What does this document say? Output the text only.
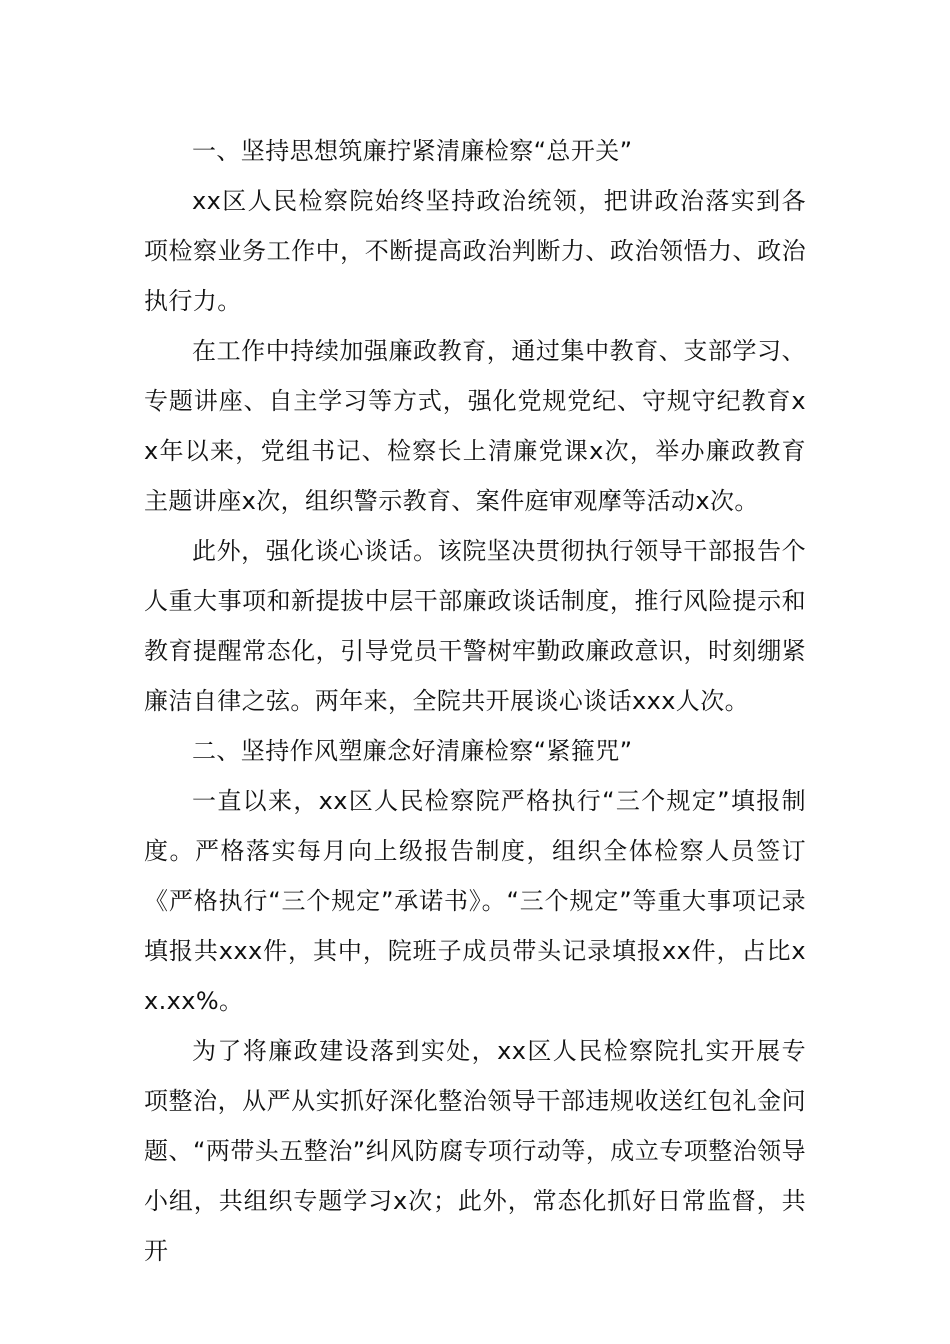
一、坚持思想筑廉拧紧清廉检察“总开关”

xx区人民检察院始终坚持政治统领，把讲政治落实到各项检察业务工作中，不断提高政治判断力、政治领悟力、政治执行力。

在工作中持续加强廉政教育，通过集中教育、支部学习、专题讲座、自主学习等方式，强化党规党纪、守规守纪教育xx年以来，党组书记、检察长上清廉党课x次，举办廉政教育主题讲座x次，组织警示教育、案件庭审观摩等活动x次。

此外，强化谈心谈话。该院坚决贯彻执行领导干部报告个人重大事项和新提拔中层干部廉政谈话制度，推行风险提示和教育提醒常态化，引导党员干警树牢勤政廉政意识，时刻绷紧廉洁自律之弦。两年来，全院共开展谈心谈话xxx人次。

二、坚持作风塑廉念好清廉检察“紧箍咒”

一直以来，xx区人民检察院严格执行“三个规定”填报制度。严格落实每月向上级报告制度，组织全体检察人员签订《严格执行“三个规定”承诺书》。“三个规定”等重大事项记录填报共xxx件，其中，院班子成员带头记录填报xx件，占比xx.xx%。

为了将廉政建设落到实处，xx区人民检察院扎实开展专项整治，从严从实抓好深化整治领导干部违规收送红包礼金问题、“两带头五整治”纠风防腐专项行动等，成立专项整治领导小组，共组织专题学习x次；此外，常态化抓好日常监督，共开
